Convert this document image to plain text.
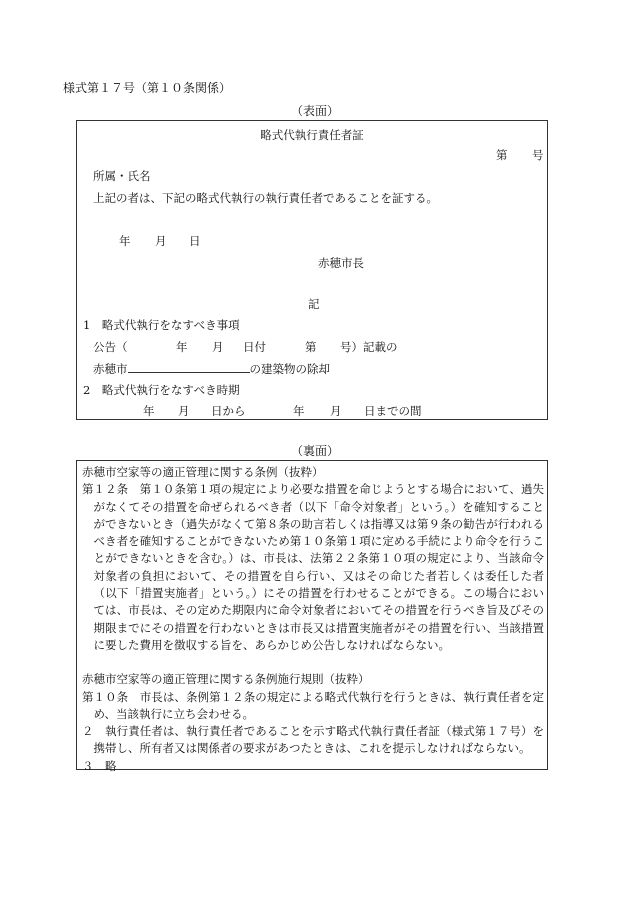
様式第１７号（第１０条関係）
（表面）
略式代執行責任者証
第 号
所属・氏名
上記の者は、下記の略式代執行の執行責任者であることを証する。
年 月 日
赤穂市長
記
1　略式代執行をなすべき事項
公告（	年 月 日付	第 号）記載の
赤穂市	の建築物の除却
2　略式代執行をなすべき時期
年 月 日から	年 月 日までの間
（裏面）

赤穂市空家等の適正管理に関する条例（抜粋）

第１２条　第１０条第１項の規定により必要な措置を命じようとする場合において、過失がなくてその措置を命ぜられるべき者（以下「命令対象者」という。）を確知することができないとき（過失がなくて第８条の助言若しくは指導又は第９条の勧告が行われるべき者を確知することができないため第１０条第１項に定める手続により命令を行うことができないときを含む。）は、市長は、法第２２条第１０項の規定により、当該命令対象者の負担において、その措置を自ら行い、又はその命じた者若しくは委任した者（以下「措置実施者」という。）にその措置を行わせることができる。この場合においては、市長は、その定めた期限内に命令対象者においてその措置を行うべき旨及びその期限までにその措置を行わないときは市長又は措置実施者がその措置を行い、当該措置に要した費用を徴収する旨を、あらかじめ公告しなければならない。

赤穂市空家等の適正管理に関する条例施行規則（抜粋）

第１０条　市長は、条例第１２条の規定による略式代執行を行うときは、執行責任者を定め、当該執行に立ち会わせる。

２　執行責任者は、執行責任者であることを示す略式代執行責任者証（様式第１７号）を携帯し、所有者又は関係者の要求があつたときは、これを提示しなければならない。

３　略
